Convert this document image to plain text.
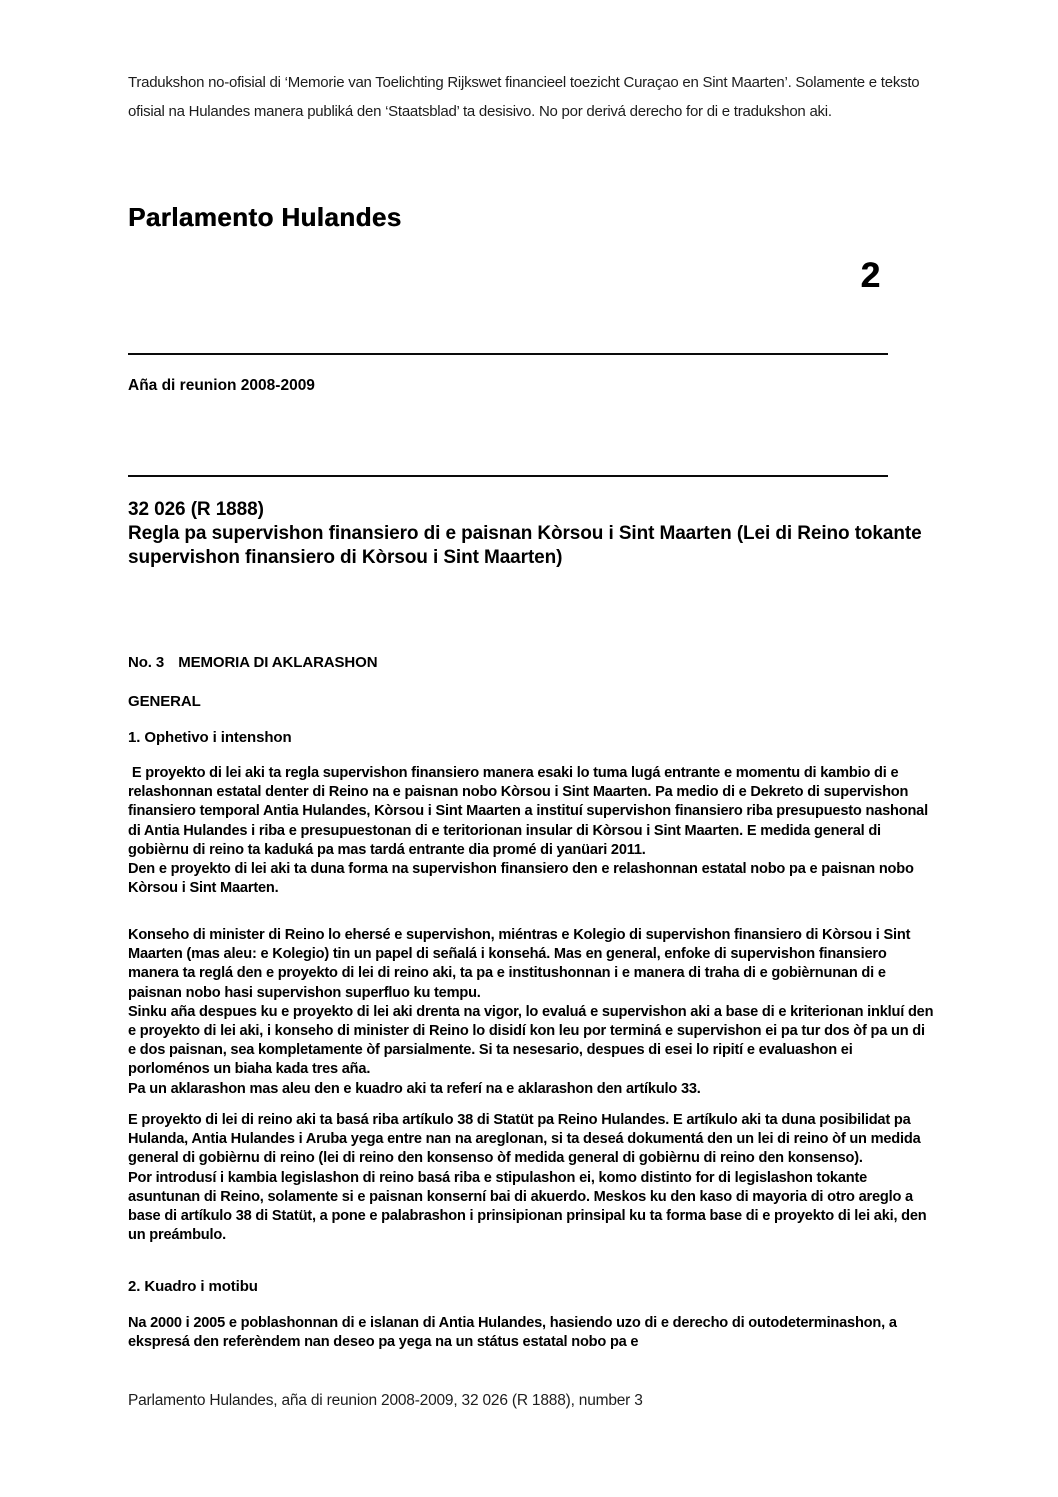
Tradukshon no-ofisial di ‘Memorie van Toelichting Rijkswet financieel toezicht Curaçao en Sint Maarten’. Solamente e teksto ofisial na Hulandes manera publiká den ‘Staatsblad’ ta desisivo. No por derivá derecho for di e tradukshon aki.

Parlamento Hulandes
2
Aña di reunion 2008-2009
32 026 (R 1888)
Regla pa supervishon finansiero di e paisnan Kòrsou i Sint Maarten (Lei di Reino tokante supervishon finansiero di Kòrsou i Sint Maarten)
No. 3 MEMORIA DI AKLARASHON
GENERAL
1. Ophetivo i intenshon
E proyekto di lei aki ta regla supervishon finansiero manera esaki lo tuma lugá entrante e momentu di kambio di e relashonnan estatal denter di Reino na e paisnan nobo Kòrsou i Sint Maarten. Pa medio di e Dekreto di supervishon finansiero temporal Antia Hulandes, Kòrsou i Sint Maarten a instituí supervishon finansiero riba presupuesto nashonal di Antia Hulandes i riba e presupuestonan di e teritorionan insular di Kòrsou i Sint Maarten. E medida general di gobièrnu di reino ta kaduká pa mas tardá entrante dia promé di yanüari 2011.
Den e proyekto di lei aki ta duna forma na supervishon finansiero den e relashonnan estatal nobo pa e paisnan nobo Kòrsou i Sint Maarten.
Konseho di minister di Reino lo ehersé e supervishon, miéntras e Kolegio di supervishon finansiero di Kòrsou i Sint Maarten (mas aleu: e Kolegio) tin un papel di señalá i konsehá. Mas en general, enfoke di supervishon finansiero manera ta reglá den e proyekto di lei di reino aki, ta pa e institushonnan i e manera di traha di e gobièrnunan di e paisnan nobo hasi supervishon superfluo ku tempu.
Sinku aña despues ku e proyekto di lei aki drenta na vigor, lo evaluá e supervishon aki a base di e kriterionan inkluí den e proyekto di lei aki, i konseho di minister di Reino lo disidí kon leu por terminá e supervishon ei pa tur dos òf pa un di e dos paisnan, sea kompletamente òf parsialmente. Si ta nesesario, despues di esei lo ripití e evaluashon ei porloménos un biaha kada tres aña.
Pa un aklarashon mas aleu den e kuadro aki ta referí na e aklarashon den artíkulo 33.
E proyekto di lei di reino aki ta basá riba artíkulo 38 di Statüt pa Reino Hulandes. E artíkulo aki ta duna posibilidat pa Hulanda, Antia Hulandes i Aruba yega entre nan na areglonan, si ta deseá dokumentá den un lei di reino òf un medida general di gobièrnu di reino (lei di reino den konsenso òf medida general di gobièrnu di reino den konsenso).
Por introdusí i kambia legislashon di reino basá riba e stipulashon ei, komo distinto for di legislashon tokante asuntunan di Reino, solamente si e paisnan konserní bai di akuerdo. Meskos ku den kaso di mayoria di otro areglo a base di artíkulo 38 di Statüt, a pone e palabrashon i prinsipionan prinsipal ku ta forma base di e proyekto di lei aki, den un preámbulo.
2. Kuadro i motibu
Na 2000 i 2005 e poblashonnan di e islanan di Antia Hulandes, hasiendo uzo di e derecho di outodeterminashon, a ekspresá den referèndem nan deseo pa yega na un státus estatal nobo pa e
Parlamento Hulandes, aña di reunion 2008-2009, 32 026 (R 1888), number 3
